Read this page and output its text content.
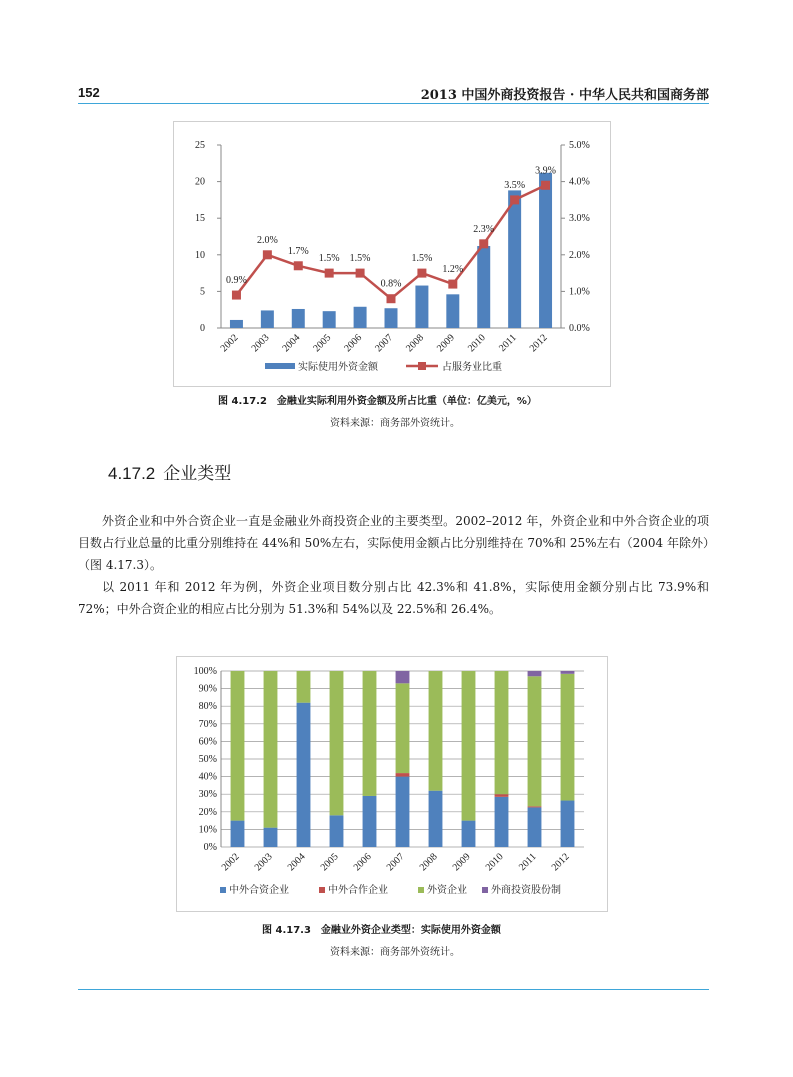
152	2013 中国外商投资报告 · 中华人民共和国商务部
0
5
10
15
20
25
0.0%
1.0%
2.0%
3.0%
4.0%
5.0%
0.9%
2.0%
1.7%
1.5% 1.5%
0.8%
1.5%
1.2%
2.3%
3.5%
3.9%
2002 2003 2004 2005 2006 2007 2008 2009 2010 2011 2012
实际使用外资金额	占服务业比重
图 4.17.2　金融业实际利用外资金额及所占比重（单位：亿美元，%）
资料来源：商务部外资统计。
4.17.2 企业类型

外资企业和中外合资企业一直是金融业外商投资企业的主要类型。2002–2012 年，外资企业和中外合资企业的项目数占行业总量的比重分别维持在 44%和 50%左右，实际使用金额占比分别维持在 70%和 25%左右（2004 年除外）（图 4.17.3）。

以 2011 年和 2012 年为例，外资企业项目数分别占比 42.3%和 41.8%，实际使用金额分别占比 73.9%和 72%；中外合资企业的相应占比分别为 51.3%和 54%以及 22.5%和 26.4%。

0%
10%
20%
30%
40%
50%
60%
70%
80%
90%
100%
2002 2003 2004 2005 2006 2007 2008 2009 2010 2011 2012
中外合资企业	中外合作企业	外资企业 外商投资股份制
图 4.17.3　金融业外资企业类型：实际使用外资金额
资料来源：商务部外资统计。
